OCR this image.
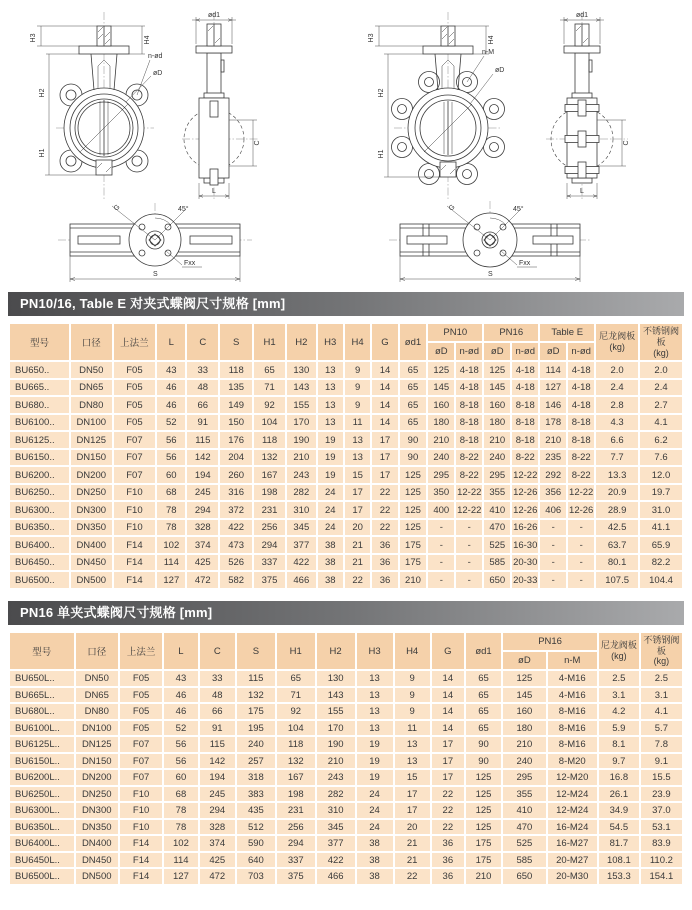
H3
H2
H1
H4
n-ød
øD
ød1
C
L
H3
H2
H1
H4
n-M
øD
ød1
C
L
45°
G
Fxx
S
45°
G
Fxx
S
PN10/16, Table E 对夹式蝶阀尺寸规格 [mm]
型号	口径	上法兰	L	C	S	H1	H2	H3	H4	G	ød1	PN10		PN16		Table E		尼龙阀板
(kg)	不锈钢阀板
(kg)

												øD	n-ød	øD	n-ød	øD	n-ød		
BU650..	DN50	F05	43	33	118	65	130	13	9	14	65	125	4-18	125	4-18	114	4-18	2.0	2.0
BU665..	DN65	F05	46	48	135	71	143	13	9	14	65	145	4-18	145	4-18	127	4-18	2.4	2.4
BU680..	DN80	F05	46	66	149	92	155	13	9	14	65	160	8-18	160	8-18	146	4-18	2.8	2.7
BU6100..	DN100	F05	52	91	150	104	170	13	11	14	65	180	8-18	180	8-18	178	8-18	4.3	4.1
BU6125..	DN125	F07	56	115	176	118	190	19	13	17	90	210	8-18	210	8-18	210	8-18	6.6	6.2
BU6150..	DN150	F07	56	142	204	132	210	19	13	17	90	240	8-22	240	8-22	235	8-22	7.7	7.6
BU6200..	DN200	F07	60	194	260	167	243	19	15	17	125	295	8-22	295	12-22	292	8-22	13.3	12.0
BU6250..	DN250	F10	68	245	316	198	282	24	17	22	125	350	12-22	355	12-26	356	12-22	20.9	19.7
BU6300..	DN300	F10	78	294	372	231	310	24	17	22	125	400	12-22	410	12-26	406	12-26	28.9	31.0
BU6350..	DN350	F10	78	328	422	256	345	24	20	22	125	-	-	470	16-26	-	-	42.5	41.1
BU6400..	DN400	F14	102	374	473	294	377	38	21	36	175	-	-	525	16-30	-	-	63.7	65.9
BU6450..	DN450	F14	114	425	526	337	422	38	21	36	175	-	-	585	20-30	-	-	80.1	82.2
BU6500..	DN500	F14	127	472	582	375	466	38	22	36	210	-	-	650	20-33	-	-	107.5	104.4
PN16 单夹式蝶阀尺寸规格 [mm]
型号	口径	上法兰	L	C	S	H1	H2	H3	H4	G	ød1	PN16		尼龙阀板
(kg)	不锈钢阀板
(kg)

												øD	n-M		
BU650L..	DN50	F05	43	33	115	65	130	13	9	14	65	125	4-M16	2.5	2.5
BU665L..	DN65	F05	46	48	132	71	143	13	9	14	65	145	4-M16	3.1	3.1
BU680L..	DN80	F05	46	66	175	92	155	13	9	14	65	160	8-M16	4.2	4.1
BU6100L..	DN100	F05	52	91	195	104	170	13	11	14	65	180	8-M16	5.9	5.7
BU6125L..	DN125	F07	56	115	240	118	190	19	13	17	90	210	8-M16	8.1	7.8
BU6150L..	DN150	F07	56	142	257	132	210	19	13	17	90	240	8-M20	9.7	9.1
BU6200L..	DN200	F07	60	194	318	167	243	19	15	17	125	295	12-M20	16.8	15.5
BU6250L..	DN250	F10	68	245	383	198	282	24	17	22	125	355	12-M24	26.1	23.9
BU6300L..	DN300	F10	78	294	435	231	310	24	17	22	125	410	12-M24	34.9	37.0
BU6350L..	DN350	F10	78	328	512	256	345	24	20	22	125	470	16-M24	54.5	53.1
BU6400L..	DN400	F14	102	374	590	294	377	38	21	36	175	525	16-M27	81.7	83.9
BU6450L..	DN450	F14	114	425	640	337	422	38	21	36	175	585	20-M27	108.1	110.2
BU6500L..	DN500	F14	127	472	703	375	466	38	22	36	210	650	20-M30	153.3	154.1
